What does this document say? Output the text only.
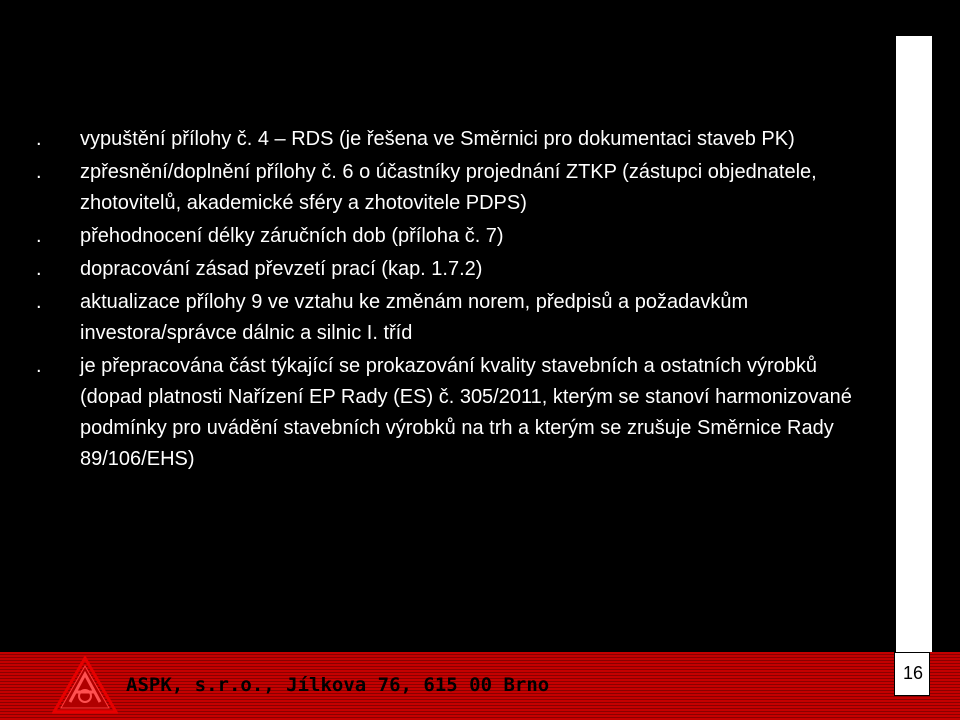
. vypuštění přílohy č. 4 – RDS (je řešena ve Směrnici pro dokumentaci staveb PK)
. zpřesnění/doplnění přílohy č. 6 o účastníky projednání ZTKP (zástupci objednatele, zhotovitelů, akademické sféry a zhotovitele PDPS)
. přehodnocení délky záručních dob (příloha č. 7)
. dopracování zásad převzetí prací (kap. 1.7.2)
. aktualizace přílohy 9 ve vztahu ke změnám norem, předpisů a požadavkům investora/správce dálnic a silnic I. tříd
. je přepracována část týkající se prokazování kvality stavebních a ostatních výrobků (dopad platnosti Nařízení EP Rady (ES) č. 305/2011, kterým se stanoví harmonizované podmínky pro uvádění stavebních výrobků na trh a kterým se zrušuje Směrnice Rady 89/106/EHS)
ASPK, s.r.o., Jílkova 76, 615 00 Brno
16
